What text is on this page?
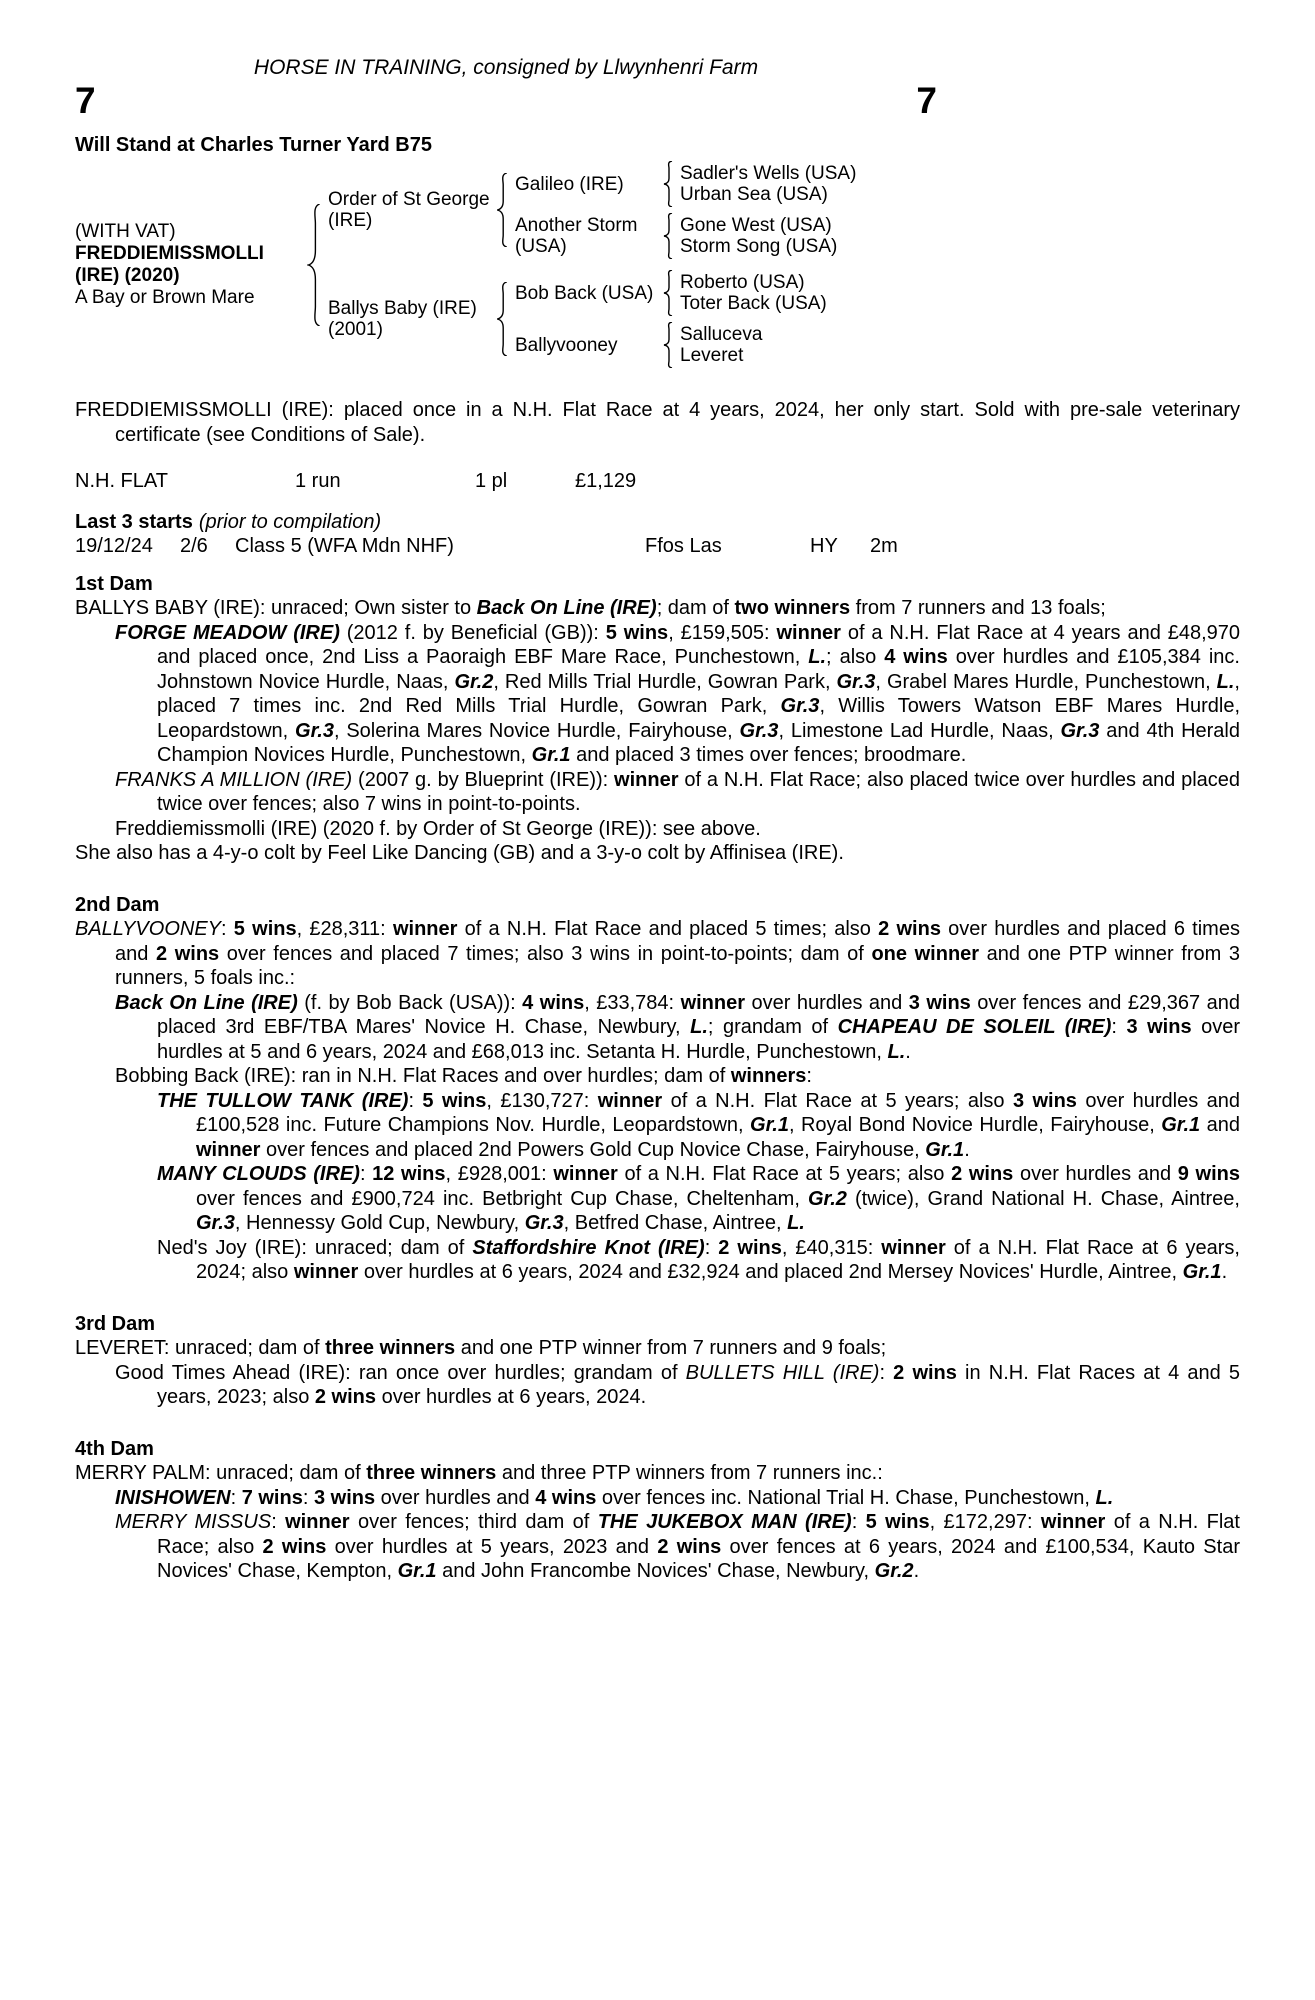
HORSE IN TRAINING, consigned by Llwynhenri Farm
7	7
Will Stand at Charles Turner Yard B75
(WITH VAT)
FREDDIEMISSMOLLI
(IRE) (2020)
A Bay or Brown Mare
Order of St George (IRE)
Galileo (IRE)	Sadler's Wells (USA)
Urban Sea (USA)
Another Storm (USA)
Gone West (USA)
Storm Song (USA)
Ballys Baby (IRE) (2001)
Bob Back (USA)	Roberto (USA)
Toter Back (USA)
Ballyvooney	Salluceva
Leveret
FREDDIEMISSMOLLI (IRE): placed once in a N.H. Flat Race at 4 years, 2024, her only start. Sold with pre-sale veterinary certificate (see Conditions of Sale).
N.H. FLAT	1 run	1 pl	£1,129
Last 3 starts (prior to compilation)
19/12/24	2/6	Class 5 (WFA Mdn NHF)	Ffos Las	HY	2m
1st Dam
BALLYS BABY (IRE): unraced; Own sister to Back On Line (IRE); dam of two winners from 7 runners and 13 foals;
FORGE MEADOW (IRE) (2012 f. by Beneficial (GB)): 5 wins, £159,505: winner of a N.H. Flat Race at 4 years and £48,970 and placed once, 2nd Liss a Paoraigh EBF Mare Race, Punchestown, L.; also 4 wins over hurdles and £105,384 inc. Johnstown Novice Hurdle, Naas, Gr.2, Red Mills Trial Hurdle, Gowran Park, Gr.3, Grabel Mares Hurdle, Punchestown, L., placed 7 times inc. 2nd Red Mills Trial Hurdle, Gowran Park, Gr.3, Willis Towers Watson EBF Mares Hurdle, Leopardstown, Gr.3, Solerina Mares Novice Hurdle, Fairyhouse, Gr.3, Limestone Lad Hurdle, Naas, Gr.3 and 4th Herald Champion Novices Hurdle, Punchestown, Gr.1 and placed 3 times over fences; broodmare.
FRANKS A MILLION (IRE) (2007 g. by Blueprint (IRE)): winner of a N.H. Flat Race; also placed twice over hurdles and placed twice over fences; also 7 wins in point-to-points.
Freddiemissmolli (IRE) (2020 f. by Order of St George (IRE)): see above.
She also has a 4-y-o colt by Feel Like Dancing (GB) and a 3-y-o colt by Affinisea (IRE).
2nd Dam
BALLYVOONEY: 5 wins, £28,311: winner of a N.H. Flat Race and placed 5 times; also 2 wins over hurdles and placed 6 times and 2 wins over fences and placed 7 times; also 3 wins in point-to-points; dam of one winner and one PTP winner from 3 runners, 5 foals inc.:
Back On Line (IRE) (f. by Bob Back (USA)): 4 wins, £33,784: winner over hurdles and 3 wins over fences and £29,367 and placed 3rd EBF/TBA Mares' Novice H. Chase, Newbury, L.; grandam of CHAPEAU DE SOLEIL (IRE): 3 wins over hurdles at 5 and 6 years, 2024 and £68,013 inc. Setanta H. Hurdle, Punchestown, L..
Bobbing Back (IRE): ran in N.H. Flat Races and over hurdles; dam of winners:
THE TULLOW TANK (IRE): 5 wins, £130,727: winner of a N.H. Flat Race at 5 years; also 3 wins over hurdles and £100,528 inc. Future Champions Nov. Hurdle, Leopardstown, Gr.1, Royal Bond Novice Hurdle, Fairyhouse, Gr.1 and winner over fences and placed 2nd Powers Gold Cup Novice Chase, Fairyhouse, Gr.1.
MANY CLOUDS (IRE): 12 wins, £928,001: winner of a N.H. Flat Race at 5 years; also 2 wins over hurdles and 9 wins over fences and £900,724 inc. Betbright Cup Chase, Cheltenham, Gr.2 (twice), Grand National H. Chase, Aintree, Gr.3, Hennessy Gold Cup, Newbury, Gr.3, Betfred Chase, Aintree, L.
Ned's Joy (IRE): unraced; dam of Staffordshire Knot (IRE): 2 wins, £40,315: winner of a N.H. Flat Race at 6 years, 2024; also winner over hurdles at 6 years, 2024 and £32,924 and placed 2nd Mersey Novices' Hurdle, Aintree, Gr.1.
3rd Dam
LEVERET: unraced; dam of three winners and one PTP winner from 7 runners and 9 foals;
Good Times Ahead (IRE): ran once over hurdles; grandam of BULLETS HILL (IRE): 2 wins in N.H. Flat Races at 4 and 5 years, 2023; also 2 wins over hurdles at 6 years, 2024.
4th Dam
MERRY PALM: unraced; dam of three winners and three PTP winners from 7 runners inc.:
INISHOWEN: 7 wins: 3 wins over hurdles and 4 wins over fences inc. National Trial H. Chase, Punchestown, L.
MERRY MISSUS: winner over fences; third dam of THE JUKEBOX MAN (IRE): 5 wins, £172,297: winner of a N.H. Flat Race; also 2 wins over hurdles at 5 years, 2023 and 2 wins over fences at 6 years, 2024 and £100,534, Kauto Star Novices' Chase, Kempton, Gr.1 and John Francombe Novices' Chase, Newbury, Gr.2.
